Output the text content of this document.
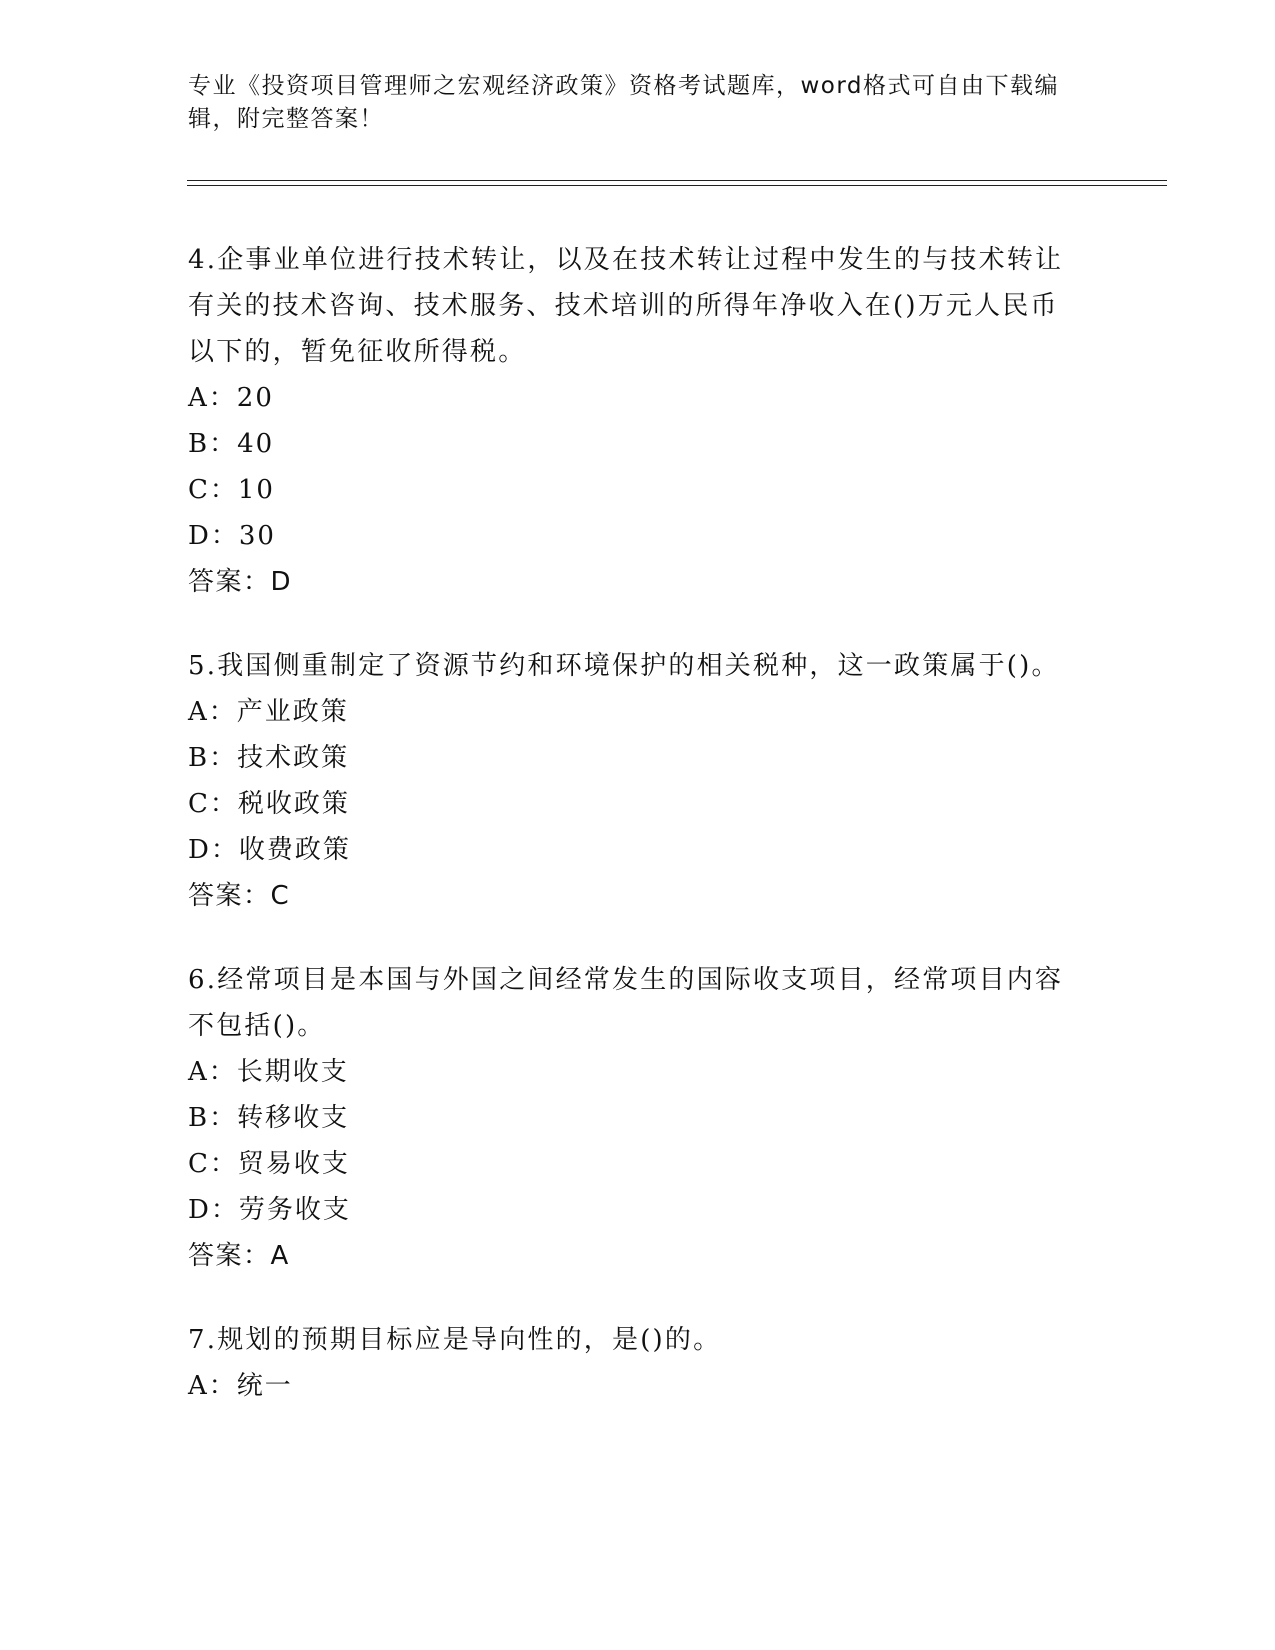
专业《投资项目管理师之宏观经济政策》资格考试题库，word格式可自由下载编辑，附完整答案！

4.企事业单位进行技术转让，以及在技术转让过程中发生的与技术转让有关的技术咨询、技术服务、技术培训的所得年净收入在()万元人民币以下的，暂免征收所得税。

A：20

B：40

C：10

D：30

答案：D

5.我国侧重制定了资源节约和环境保护的相关税种，这一政策属于()。

A：产业政策

B：技术政策

C：税收政策

D：收费政策

答案：C

6.经常项目是本国与外国之间经常发生的国际收支项目，经常项目内容不包括()。

A：长期收支

B：转移收支

C：贸易收支

D：劳务收支

答案：A

7.规划的预期目标应是导向性的，是()的。

A：统一
